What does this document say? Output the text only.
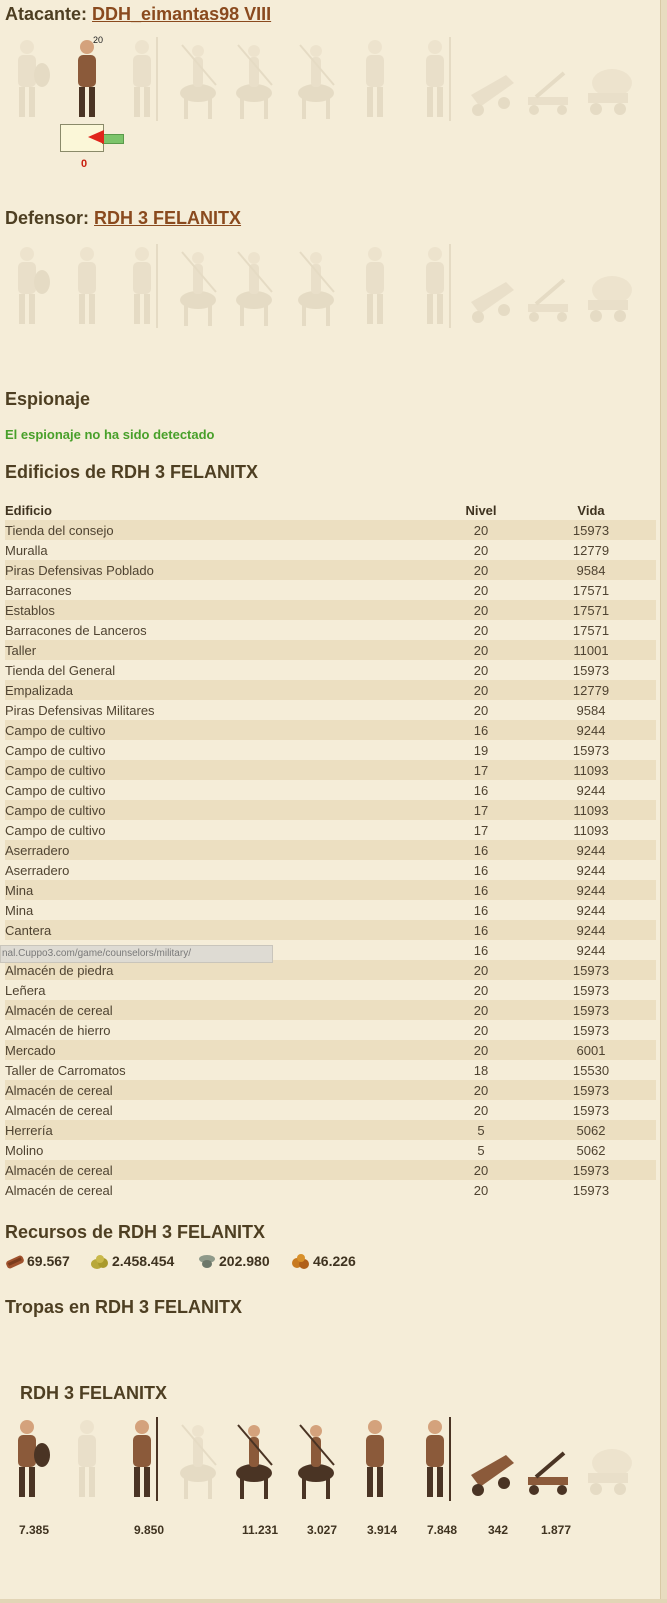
Atacante: DDH_eimantas98 VIII
0
20
Defensor: RDH 3 FELANITX
Espionaje
El espionaje no ha sido detectado
Edificios de RDH 3 FELANITX
Edificio	Nivel	Vida
Tienda del consejo	20	15973
Muralla	20	12779
Piras Defensivas Poblado	20	9584
Barracones	20	17571
Establos	20	17571
Barracones de Lanceros	20	17571
Taller	20	11001
Tienda del General	20	15973
Empalizada	20	12779
Piras Defensivas Militares	20	9584
Campo de cultivo	16	9244
Campo de cultivo	19	15973
Campo de cultivo	17	11093
Campo de cultivo	16	9244
Campo de cultivo	17	11093
Campo de cultivo	17	11093
Aserradero	16	9244
Aserradero	16	9244
Mina	16	9244
Mina	16	9244
Cantera	16	9244
	16	9244
Almacén de piedra	20	15973
Leñera	20	15973
Almacén de cereal	20	15973
Almacén de hierro	20	15973
Mercado	20	6001
Taller de Carromatos	18	15530
Almacén de cereal	20	15973
Almacén de cereal	20	15973
Herrería	5	5062
Molino	5	5062
Almacén de cereal	20	15973
Almacén de cereal	20	15973
nal.Cuppo3.com/game/counselors/military/
Recursos de RDH 3 FELANITX
69.567	2.458.454	202.980	46.226
Tropas en RDH 3 FELANITX
RDH 3 FELANITX
7.385	9.850	11.231	3.027	3.914	7.848	342	1.877
